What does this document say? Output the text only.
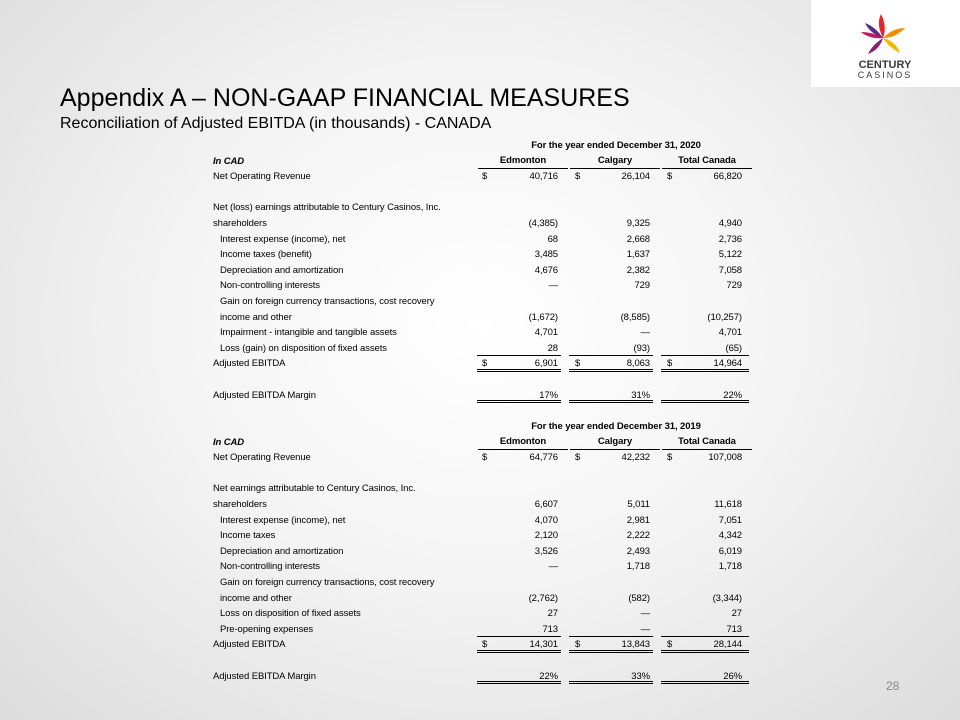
CENTURY
CASINOS
Appendix A – NON-GAAP FINANCIAL MEASURES
Reconciliation of Adjusted EBITDA (in thousands) - CANADA
For the year ended December 31, 2020
In CAD	Edmonton	Calgary	Total Canada
Net Operating Revenue	$	40,716 $	26,104 $	66,820
Net (loss) earnings attributable to Century Casinos, Inc.
shareholders	(4,385)	9,325	4,940
Interest expense (income), net	68	2,668	2,736
Income taxes (benefit)	3,485	1,637	5,122
Depreciation and amortization	4,676	2,382	7,058
Non-controlling interests	—	729	729
Gain on foreign currency transactions, cost recovery
income and other	(1,672)	(8,585)	(10,257)
Impairment - intangible and tangible assets	4,701	—	4,701
Loss (gain) on disposition of fixed assets	28	(93)	(65)
Adjusted EBITDA	$	6,901 $	8,063 $	14,964
Adjusted EBITDA Margin	17%	31%	22%
For the year ended December 31, 2019
In CAD	Edmonton	Calgary	Total Canada
Net Operating Revenue	$	64,776 $	42,232 $	107,008
Net earnings attributable to Century Casinos, Inc.
shareholders	6,607	5,011	11,618
Interest expense (income), net	4,070	2,981	7,051
Income taxes	2,120	2,222	4,342
Depreciation and amortization	3,526	2,493	6,019
Non-controlling interests	—	1,718	1,718
Gain on foreign currency transactions, cost recovery
income and other	(2,762)	(582)	(3,344)
Loss on disposition of fixed assets	27	—	27
Pre-opening expenses	713	—	713
Adjusted EBITDA	$	14,301 $	13,843 $	28,144
Adjusted EBITDA Margin	22%	33%	26%
28
